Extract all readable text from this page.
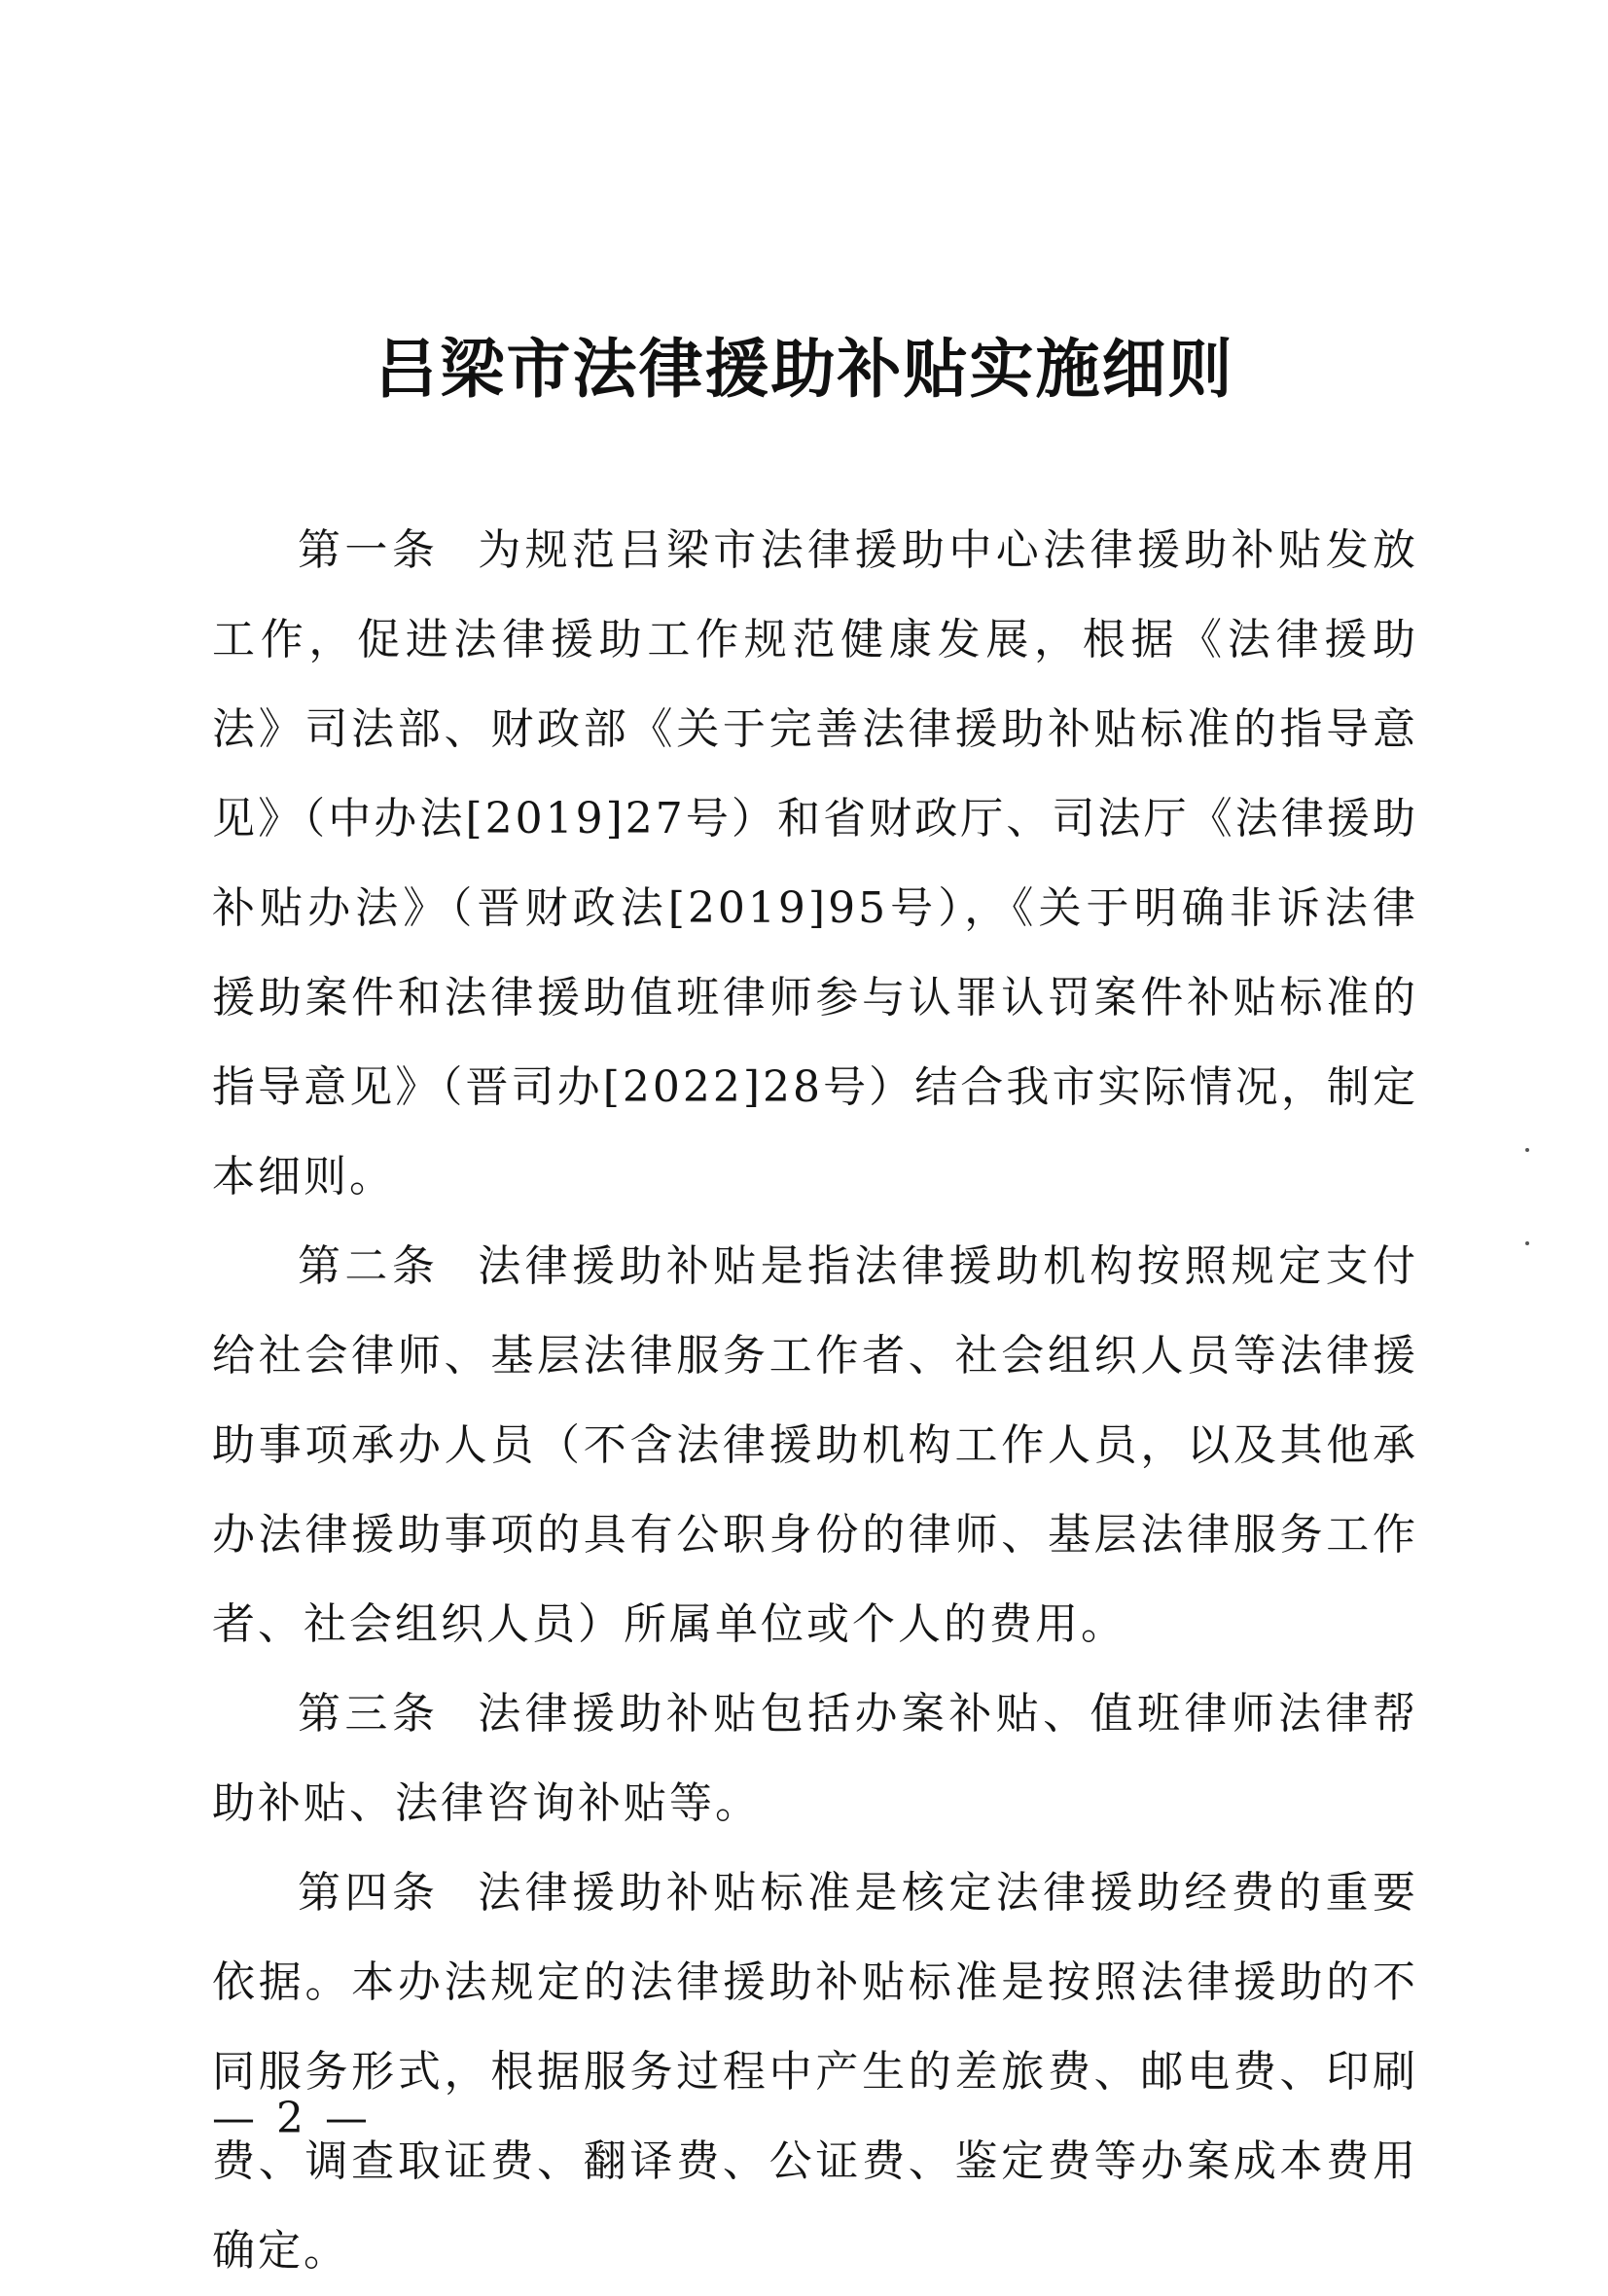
吕梁市法律援助补贴实施细则

第一条 为规范吕梁市法律援助中心法律援助补贴发放工作，促进法律援助工作规范健康发展，根据《法律援助法》司法部、财政部《关于完善法律援助补贴标准的指导意见》（中办法[2019]27号）和省财政厅、司法厅《法律援助补贴办法》（晋财政法[2019]95号），《关于明确非诉法律援助案件和法律援助值班律师参与认罪认罚案件补贴标准的指导意见》（晋司办[2022]28号）结合我市实际情况，制定本细则。

第二条 法律援助补贴是指法律援助机构按照规定支付给社会律师、基层法律服务工作者、社会组织人员等法律援助事项承办人员（不含法律援助机构工作人员，以及其他承办法律援助事项的具有公职身份的律师、基层法律服务工作者、社会组织人员）所属单位或个人的费用。

第三条 法律援助补贴包括办案补贴、值班律师法律帮助补贴、法律咨询补贴等。

第四条 法律援助补贴标准是核定法律援助经费的重要依据。本办法规定的法律援助补贴标准是按照法律援助的不同服务形式，根据服务过程中产生的差旅费、邮电费、印刷费、调查取证费、翻译费、公证费、鉴定费等办案成本费用确定。

— 2 —
